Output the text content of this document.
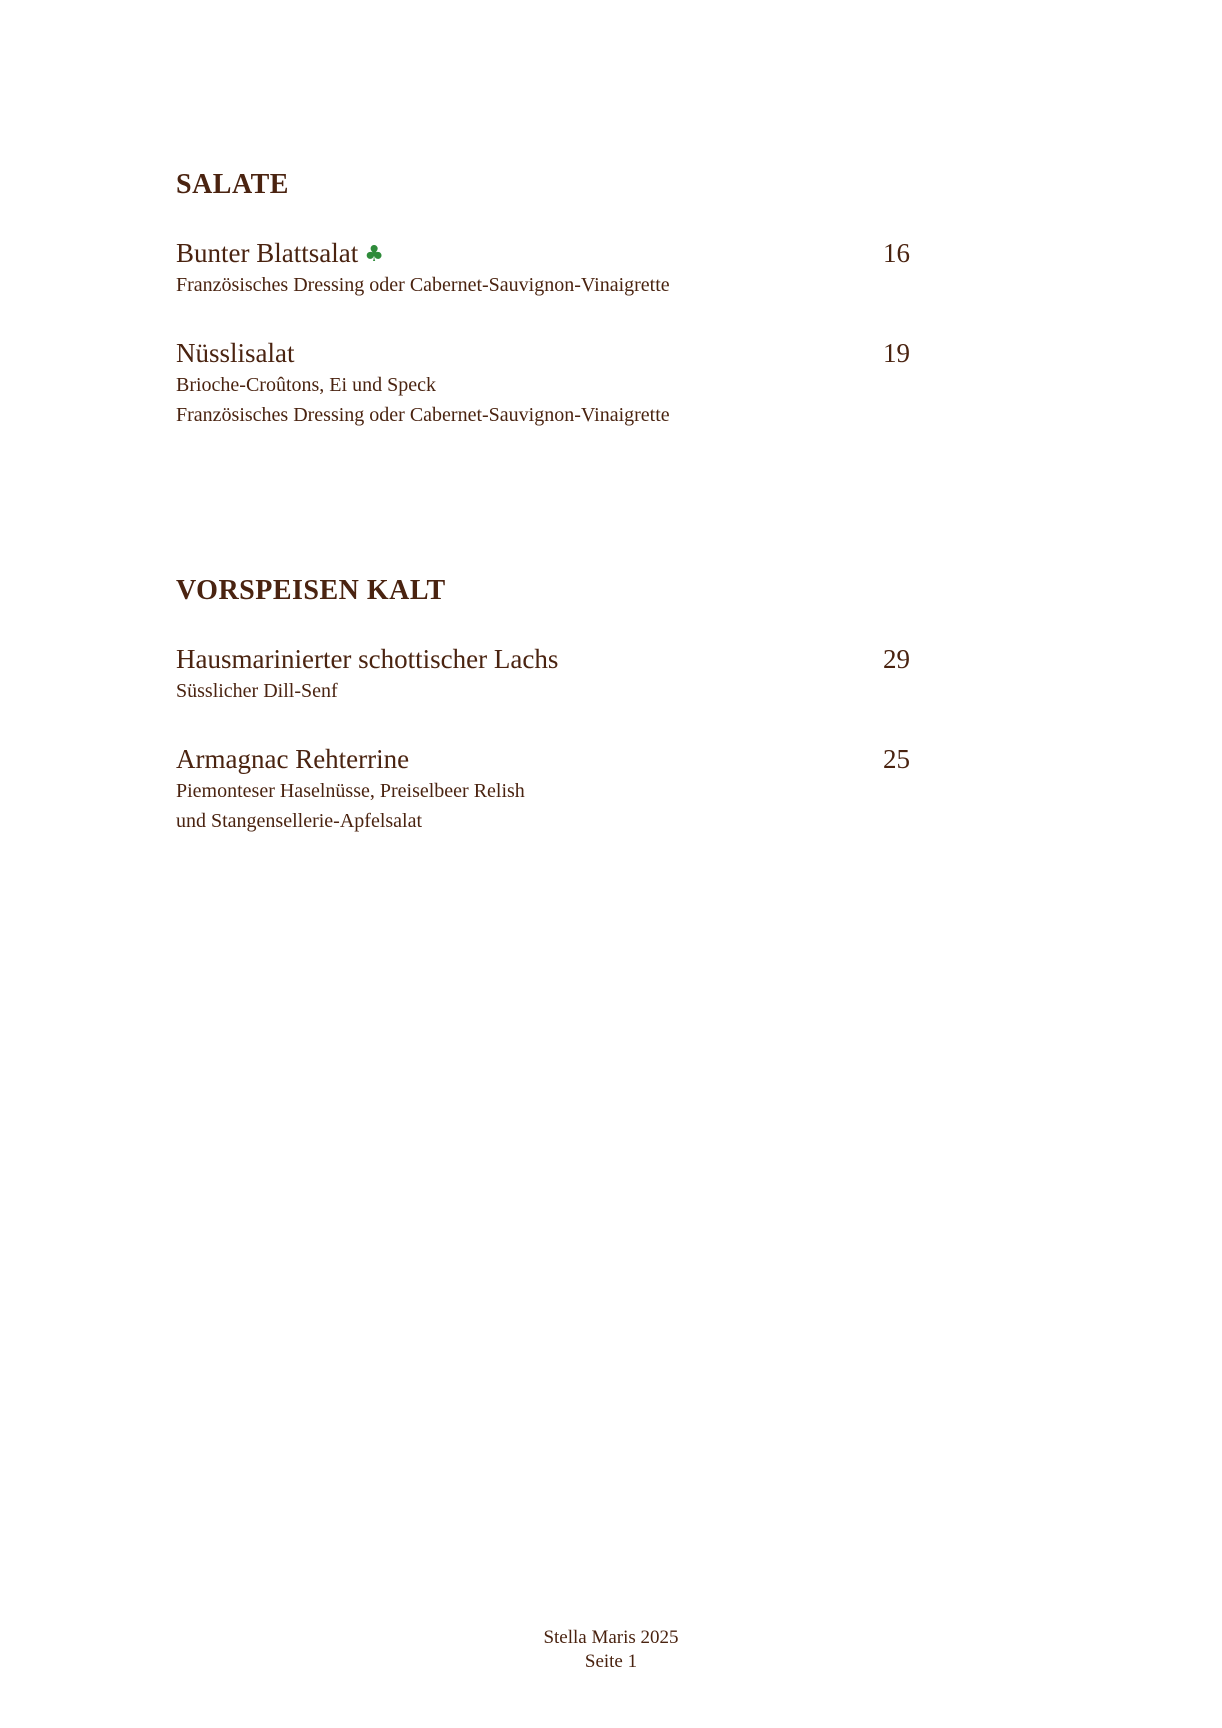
SALATE
Bunter Blattsalat ♣	16
Französisches Dressing oder Cabernet-Sauvignon-Vinaigrette
Nüsslisalat	19
Brioche-Croûtons, Ei und Speck
Französisches Dressing oder Cabernet-Sauvignon-Vinaigrette
VORSPEISEN KALT
Hausmarinierter schottischer Lachs	29
Süsslicher Dill-Senf
Armagnac Rehterrine	25
Piemonteser Haselnüsse, Preiselbeer Relish
und Stangensellerie-Apfelsalat
Stella Maris 2025
Seite 1
